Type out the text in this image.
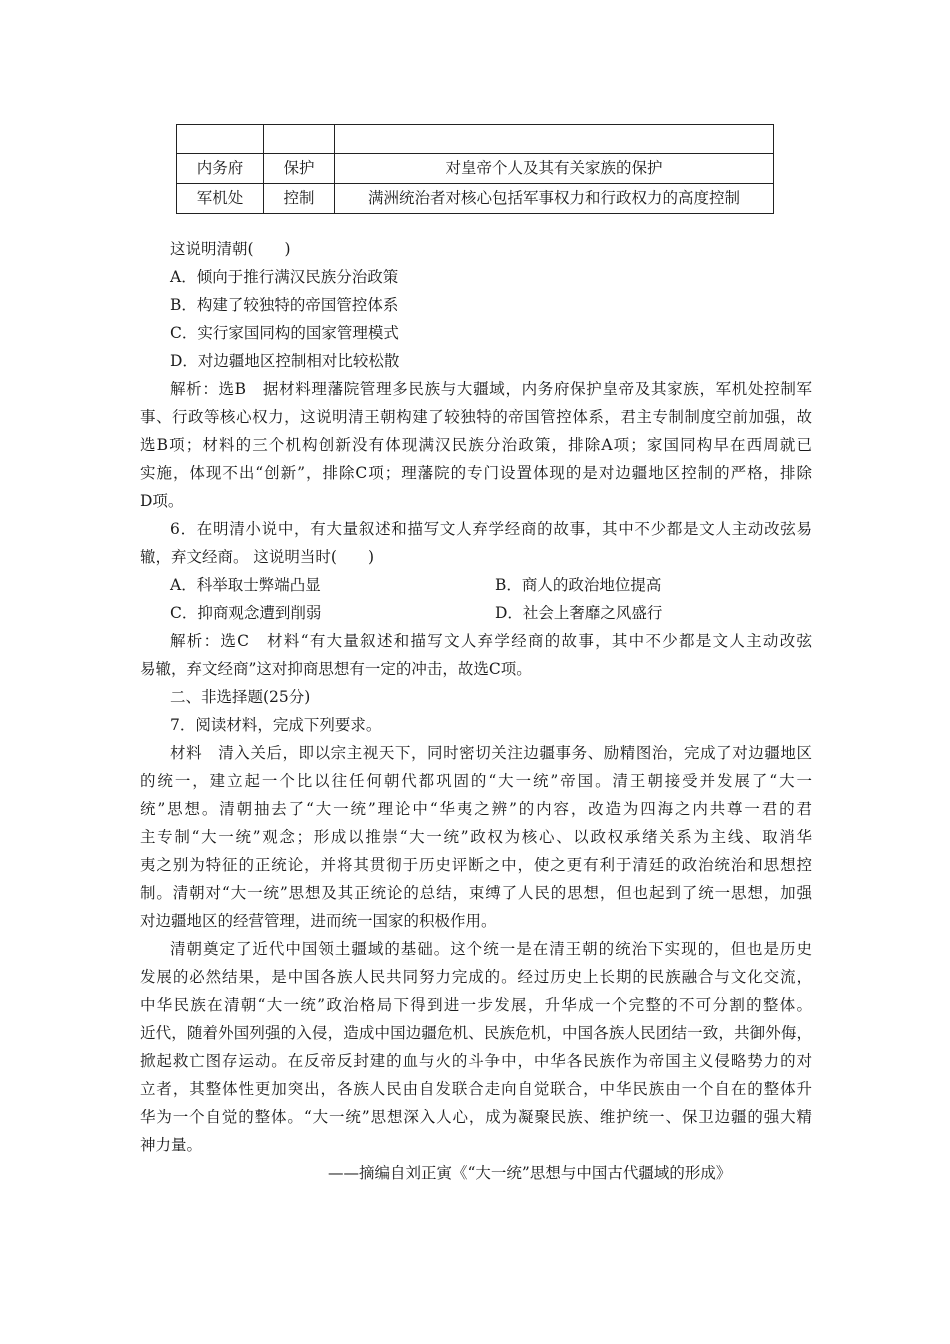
内务府	保护	对皇帝个人及其有关家族的保护
军机处	控制	满洲统治者对核心包括军事权力和行政权力的高度控制
这说明清朝(　　)
A．倾向于推行满汉民族分治政策
B．构建了较独特的帝国管控体系
C．实行家国同构的国家管理模式
D．对边疆地区控制相对比较松散
解析：选B　据材料理藩院管理多民族与大疆域，内务府保护皇帝及其家族，军机处控制军
事、行政等核心权力，这说明清王朝构建了较独特的帝国管控体系，君主专制制度空前加强，故
选B项；材料的三个机构创新没有体现满汉民族分治政策，排除A项；家国同构早在西周就已
实施，体现不出“创新”，排除C项；理藩院的专门设置体现的是对边疆地区控制的严格，排除
D项。
6．在明清小说中，有大量叙述和描写文人弃学经商的故事，其中不少都是文人主动改弦易
辙，弃文经商。 这说明当时(　　)
A．科举取士弊端凸显	B．商人的政治地位提高
C．抑商观念遭到削弱	D．社会上奢靡之风盛行
解析：选C　材料“有大量叙述和描写文人弃学经商的故事，其中不少都是文人主动改弦
易辙，弃文经商”这对抑商思想有一定的冲击，故选C项。
二、非选择题(25分)
7．阅读材料，完成下列要求。
材料　清入关后，即以宗主视天下，同时密切关注边疆事务、励精图治，完成了对边疆地区
的统一，建立起一个比以往任何朝代都巩固的“大一统”帝国。清王朝接受并发展了“大一
统”思想。清朝抽去了“大一统”理论中“华夷之辨”的内容，改造为四海之内共尊一君的君
主专制“大一统”观念；形成以推崇“大一统”政权为核心、以政权承绪关系为主线、取消华
夷之别为特征的正统论，并将其贯彻于历史评断之中，使之更有利于清廷的政治统治和思想控
制。清朝对“大一统”思想及其正统论的总结，束缚了人民的思想，但也起到了统一思想，加强
对边疆地区的经营管理，进而统一国家的积极作用。
清朝奠定了近代中国领土疆域的基础。这个统一是在清王朝的统治下实现的，但也是历史
发展的必然结果，是中国各族人民共同努力完成的。经过历史上长期的民族融合与文化交流，
中华民族在清朝“大一统”政治格局下得到进一步发展，升华成一个完整的不可分割的整体。
近代，随着外国列强的入侵，造成中国边疆危机、民族危机，中国各族人民团结一致，共御外侮，
掀起救亡图存运动。在反帝反封建的血与火的斗争中，中华各民族作为帝国主义侵略势力的对
立者，其整体性更加突出，各族人民由自发联合走向自觉联合，中华民族由一个自在的整体升
华为一个自觉的整体。“大一统”思想深入人心，成为凝聚民族、维护统一、保卫边疆的强大精
神力量。
——摘编自刘正寅《“大一统”思想与中国古代疆域的形成》
